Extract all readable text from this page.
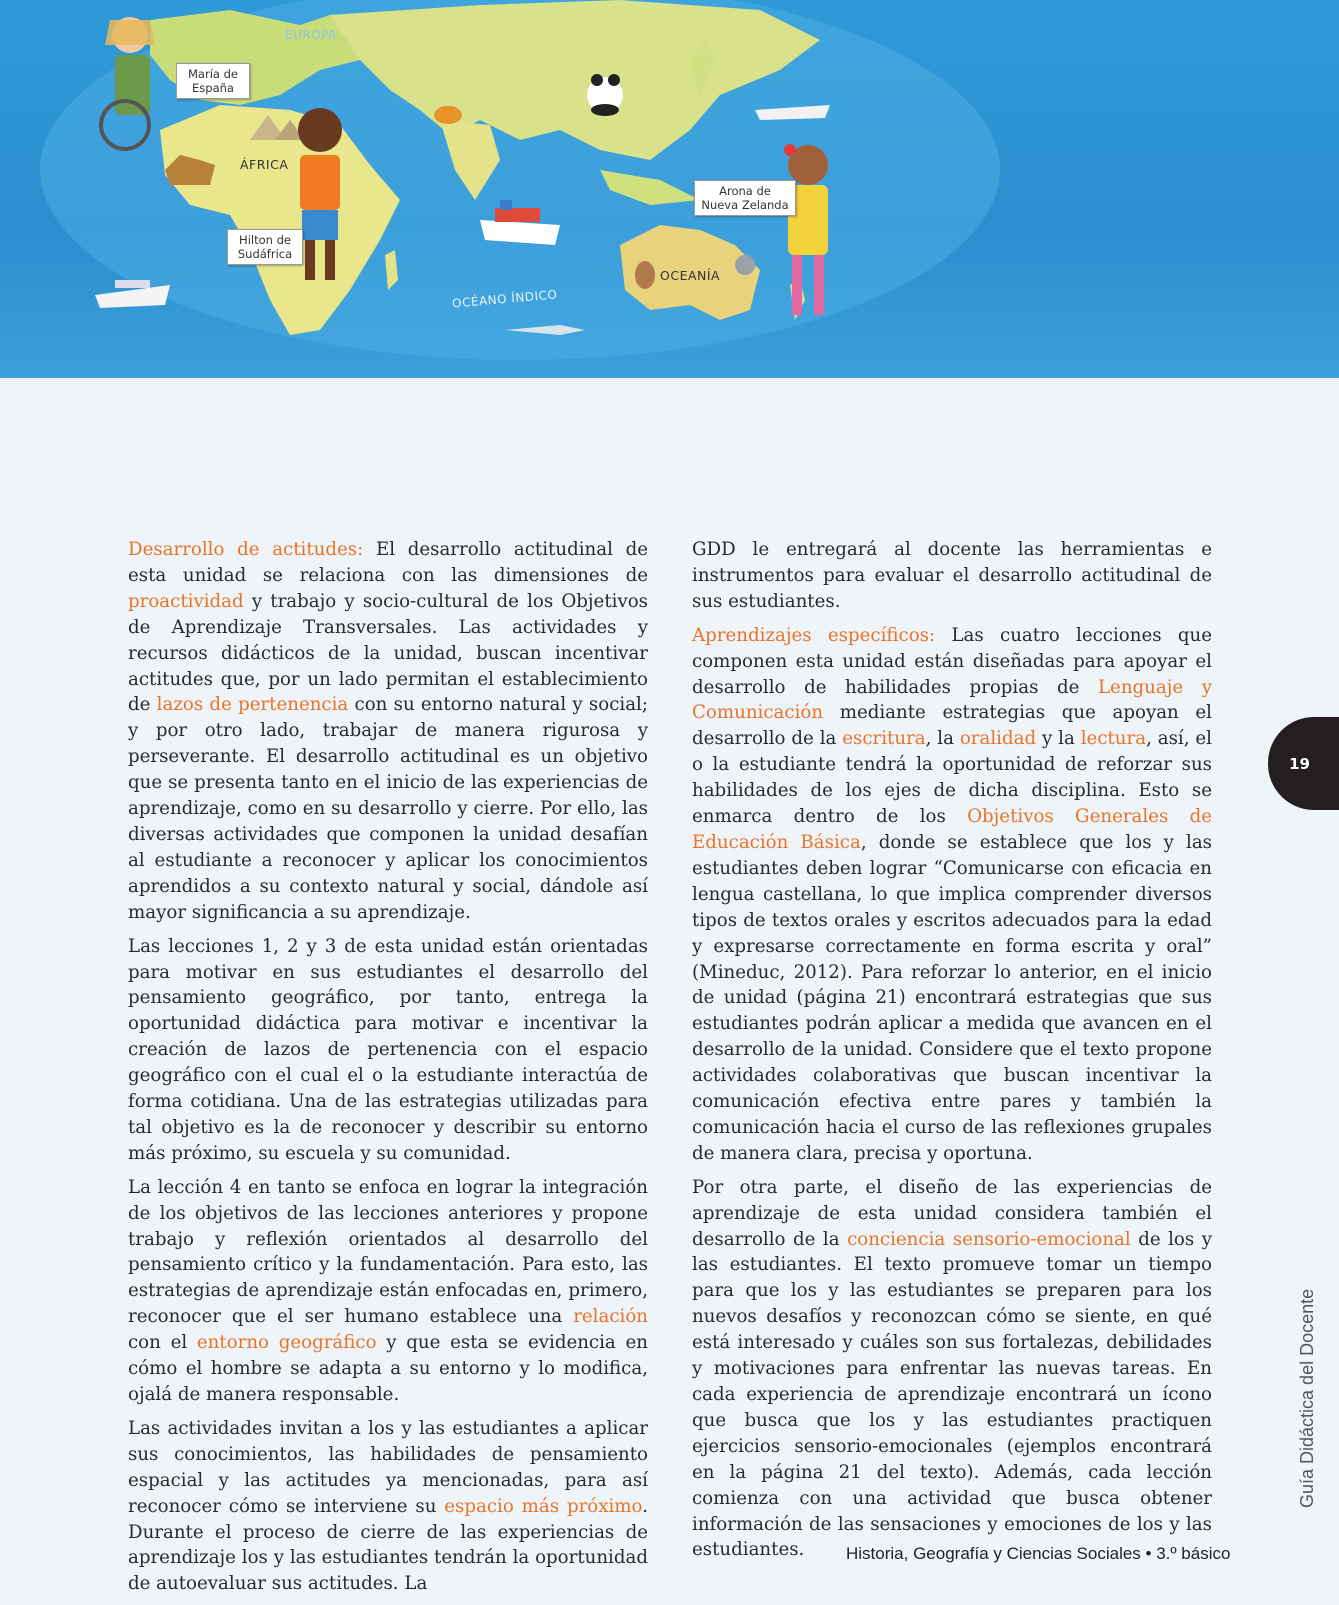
EUROPA
ÁFRICA
OCÉANO ÍNDICO
OCEANÍA
María de España
Hilton de Sudáfrica
Arona de Nueva Zelanda

Desarrollo de actitudes: El desarrollo actitudinal de esta unidad se relaciona con las dimensiones de proactividad y trabajo y socio-cultural de los Objetivos de Aprendizaje Transversales. Las actividades y recursos didácticos de la unidad, buscan incentivar actitudes que, por un lado permitan el establecimiento de lazos de pertenencia con su entorno natural y social; y por otro lado, trabajar de manera rigurosa y perseverante. El desarrollo actitudinal es un objetivo que se presenta tanto en el inicio de las experiencias de aprendizaje, como en su desarrollo y cierre. Por ello, las diversas actividades que componen la unidad desafían al estudiante a reconocer y aplicar los conocimientos aprendidos a su contexto natural y social, dándole así mayor significancia a su aprendizaje.

Las lecciones 1, 2 y 3 de esta unidad están orientadas para motivar en sus estudiantes el desarrollo del pensamiento geográfico, por tanto, entrega la oportunidad didáctica para motivar e incentivar la creación de lazos de pertenencia con el espacio geográfico con el cual el o la estudiante interactúa de forma cotidiana. Una de las estrategias utilizadas para tal objetivo es la de reconocer y describir su entorno más próximo, su escuela y su comunidad.

La lección 4 en tanto se enfoca en lograr la integración de los objetivos de las lecciones anteriores y propone trabajo y reflexión orientados al desarrollo del pensamiento crítico y la fundamentación. Para esto, las estrategias de aprendizaje están enfocadas en, primero, reconocer que el ser humano establece una relación con el entorno geográfico y que esta se evidencia en cómo el hombre se adapta a su entorno y lo modifica, ojalá de manera responsable.

Las actividades invitan a los y las estudiantes a aplicar sus conocimientos, las habilidades de pensamiento espacial y las actitudes ya mencionadas, para así reconocer cómo se interviene su espacio más próximo. Durante el proceso de cierre de las experiencias de aprendizaje los y las estudiantes tendrán la oportunidad de autoevaluar sus actitudes. La

GDD le entregará al docente las herramientas e instrumentos para evaluar el desarrollo actitudinal de sus estudiantes.

Aprendizajes específicos: Las cuatro lecciones que componen esta unidad están diseñadas para apoyar el desarrollo de habilidades propias de Lenguaje y Comunicación mediante estrategias que apoyan el desarrollo de la escritura, la oralidad y la lectura, así, el o la estudiante tendrá la oportunidad de reforzar sus habilidades de los ejes de dicha disciplina. Esto se enmarca dentro de los Objetivos Generales de Educación Básica, donde se establece que los y las estudiantes deben lograr “Comunicarse con eficacia en lengua castellana, lo que implica comprender diversos tipos de textos orales y escritos adecuados para la edad y expresarse correctamente en forma escrita y oral” (Mineduc, 2012). Para reforzar lo anterior, en el inicio de unidad (página 21) encontrará estrategias que sus estudiantes podrán aplicar a medida que avancen en el desarrollo de la unidad. Considere que el texto propone actividades colaborativas que buscan incentivar la comunicación efectiva entre pares y también la comunicación hacia el curso de las reflexiones grupales de manera clara, precisa y oportuna.

Por otra parte, el diseño de las experiencias de aprendizaje de esta unidad considera también el desarrollo de la conciencia sensorio-emocional de los y las estudiantes. El texto promueve tomar un tiempo para que los y las estudiantes se preparen para los nuevos desafíos y reconozcan cómo se siente, en qué está interesado y cuáles son sus fortalezas, debilidades y motivaciones para enfrentar las nuevas tareas. En cada experiencia de aprendizaje encontrará un ícono que busca que los y las estudiantes practiquen ejercicios sensorio-emocionales (ejemplos encontrará en la página 21 del texto). Además, cada lección comienza con una actividad que busca obtener información de las sensaciones y emociones de los y las estudiantes.

19
Guía Didáctica del Docente
Historia, Geografía y Ciencias Sociales • 3.º básico
